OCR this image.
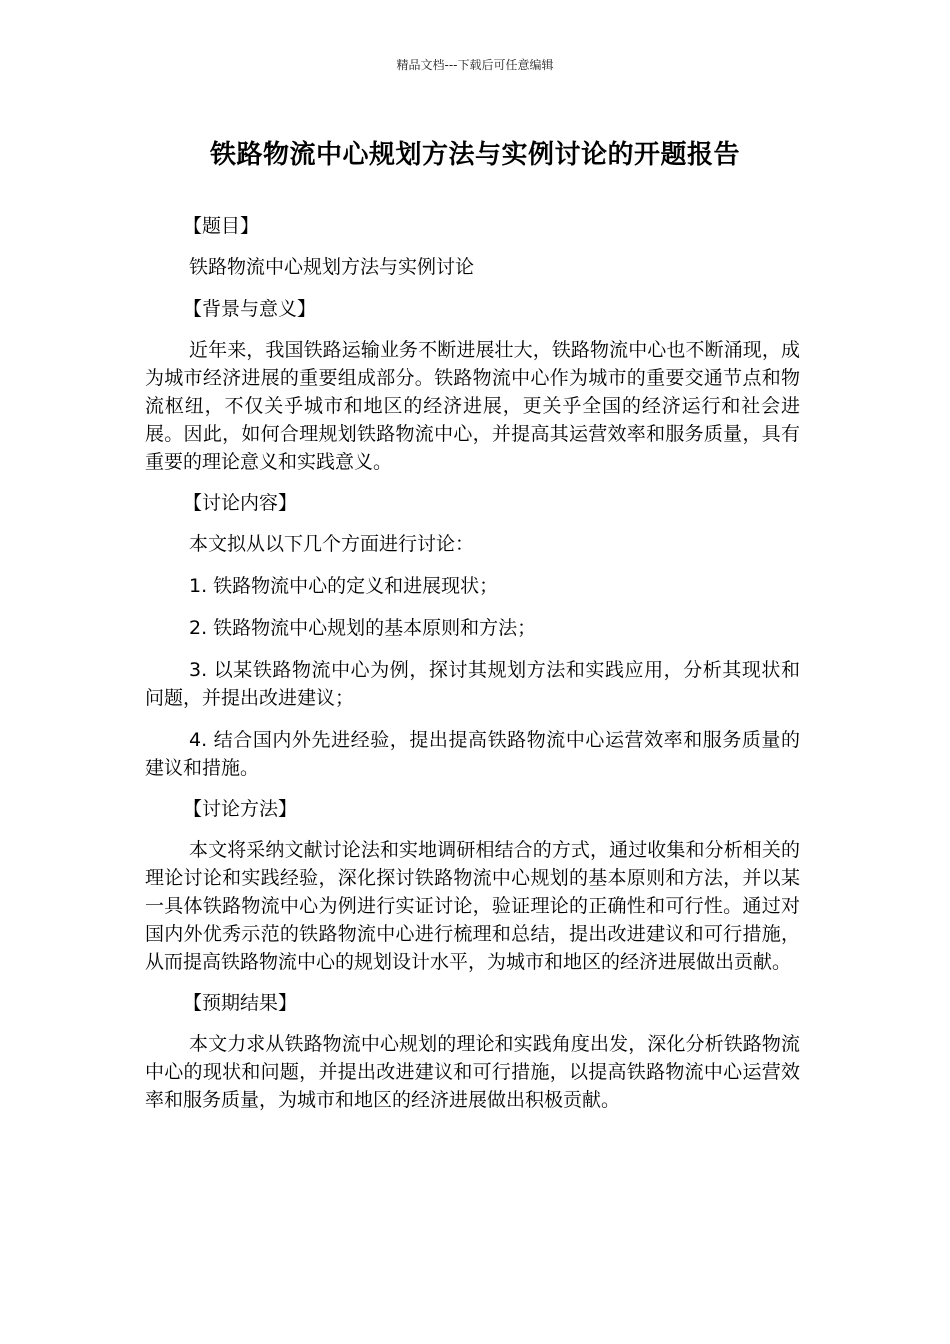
精品文档---下载后可任意编辑
铁路物流中心规划方法与实例讨论的开题报告

【题目】

铁路物流中心规划方法与实例讨论

【背景与意义】

近年来，我国铁路运输业务不断进展壮大，铁路物流中心也不断涌现，成为城市经济进展的重要组成部分。铁路物流中心作为城市的重要交通节点和物流枢纽，不仅关乎城市和地区的经济进展，更关乎全国的经济运行和社会进展。因此，如何合理规划铁路物流中心，并提高其运营效率和服务质量，具有重要的理论意义和实践意义。

【讨论内容】

本文拟从以下几个方面进行讨论：

1. 铁路物流中心的定义和进展现状；

2. 铁路物流中心规划的基本原则和方法；

3. 以某铁路物流中心为例，探讨其规划方法和实践应用，分析其现状和问题，并提出改进建议；

4. 结合国内外先进经验，提出提高铁路物流中心运营效率和服务质量的建议和措施。

【讨论方法】

本文将采纳文献讨论法和实地调研相结合的方式，通过收集和分析相关的理论讨论和实践经验，深化探讨铁路物流中心规划的基本原则和方法，并以某一具体铁路物流中心为例进行实证讨论，验证理论的正确性和可行性。通过对国内外优秀示范的铁路物流中心进行梳理和总结，提出改进建议和可行措施，从而提高铁路物流中心的规划设计水平，为城市和地区的经济进展做出贡献。

【预期结果】

本文力求从铁路物流中心规划的理论和实践角度出发，深化分析铁路物流中心的现状和问题，并提出改进建议和可行措施，以提高铁路物流中心运营效率和服务质量，为城市和地区的经济进展做出积极贡献。
